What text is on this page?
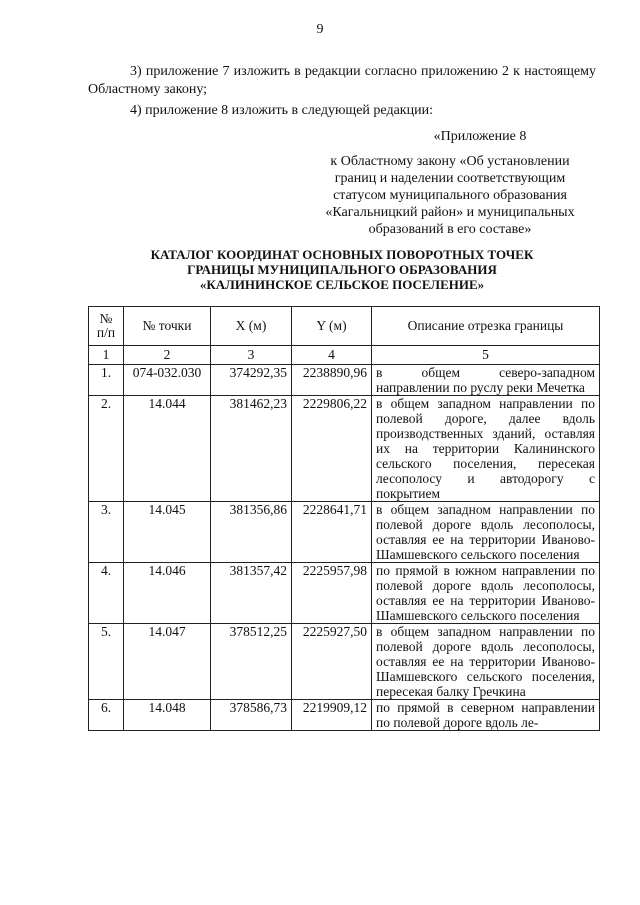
9
3) приложение 7 изложить в редакции согласно приложению 2 к настоящему Областному закону;
4) приложение 8 изложить в следующей редакции:
«Приложение 8
к Областному закону «Об установлении
границ и наделении соответствующим
статусом муниципального образования
«Кагальницкий район» и муниципальных
образований в его составе»
КАТАЛОГ КООРДИНАТ ОСНОВНЫХ ПОВОРОТНЫХ ТОЧЕК
ГРАНИЦЫ МУНИЦИПАЛЬНОГО ОБРАЗОВАНИЯ
«КАЛИНИНСКОЕ СЕЛЬСКОЕ ПОСЕЛЕНИЕ»
№
п/п	№ точки	X (м)	Y (м)	Описание отрезка границы
1	2	3	4	5
1.	074-032.030	374292,35	2238890,96	в общем северо-западном направлении по руслу реки Мечетка
2.	14.044	381462,23	2229806,22	в общем западном направлении по полевой дороге, далее вдоль производственных зданий, оставляя их на территории Калининского сельского поселения, пересекая лесополосу и автодорогу с покрытием
3.	14.045	381356,86	2228641,71	в общем западном направлении по полевой дороге вдоль лесополосы, оставляя ее на территории Иваново-Шамшевского сельского поселения
4.	14.046	381357,42	2225957,98	по прямой в южном направлении по полевой дороге вдоль лесополосы, оставляя ее на территории Иваново-Шамшевского сельского поселения
5.	14.047	378512,25	2225927,50	в общем западном направлении по полевой дороге вдоль лесополосы, оставляя ее на территории Иваново-Шамшевского сельского поселения, пересекая балку Гречкина
6.	14.048	378586,73	2219909,12	по прямой в северном направлении по полевой дороге вдоль ле-
